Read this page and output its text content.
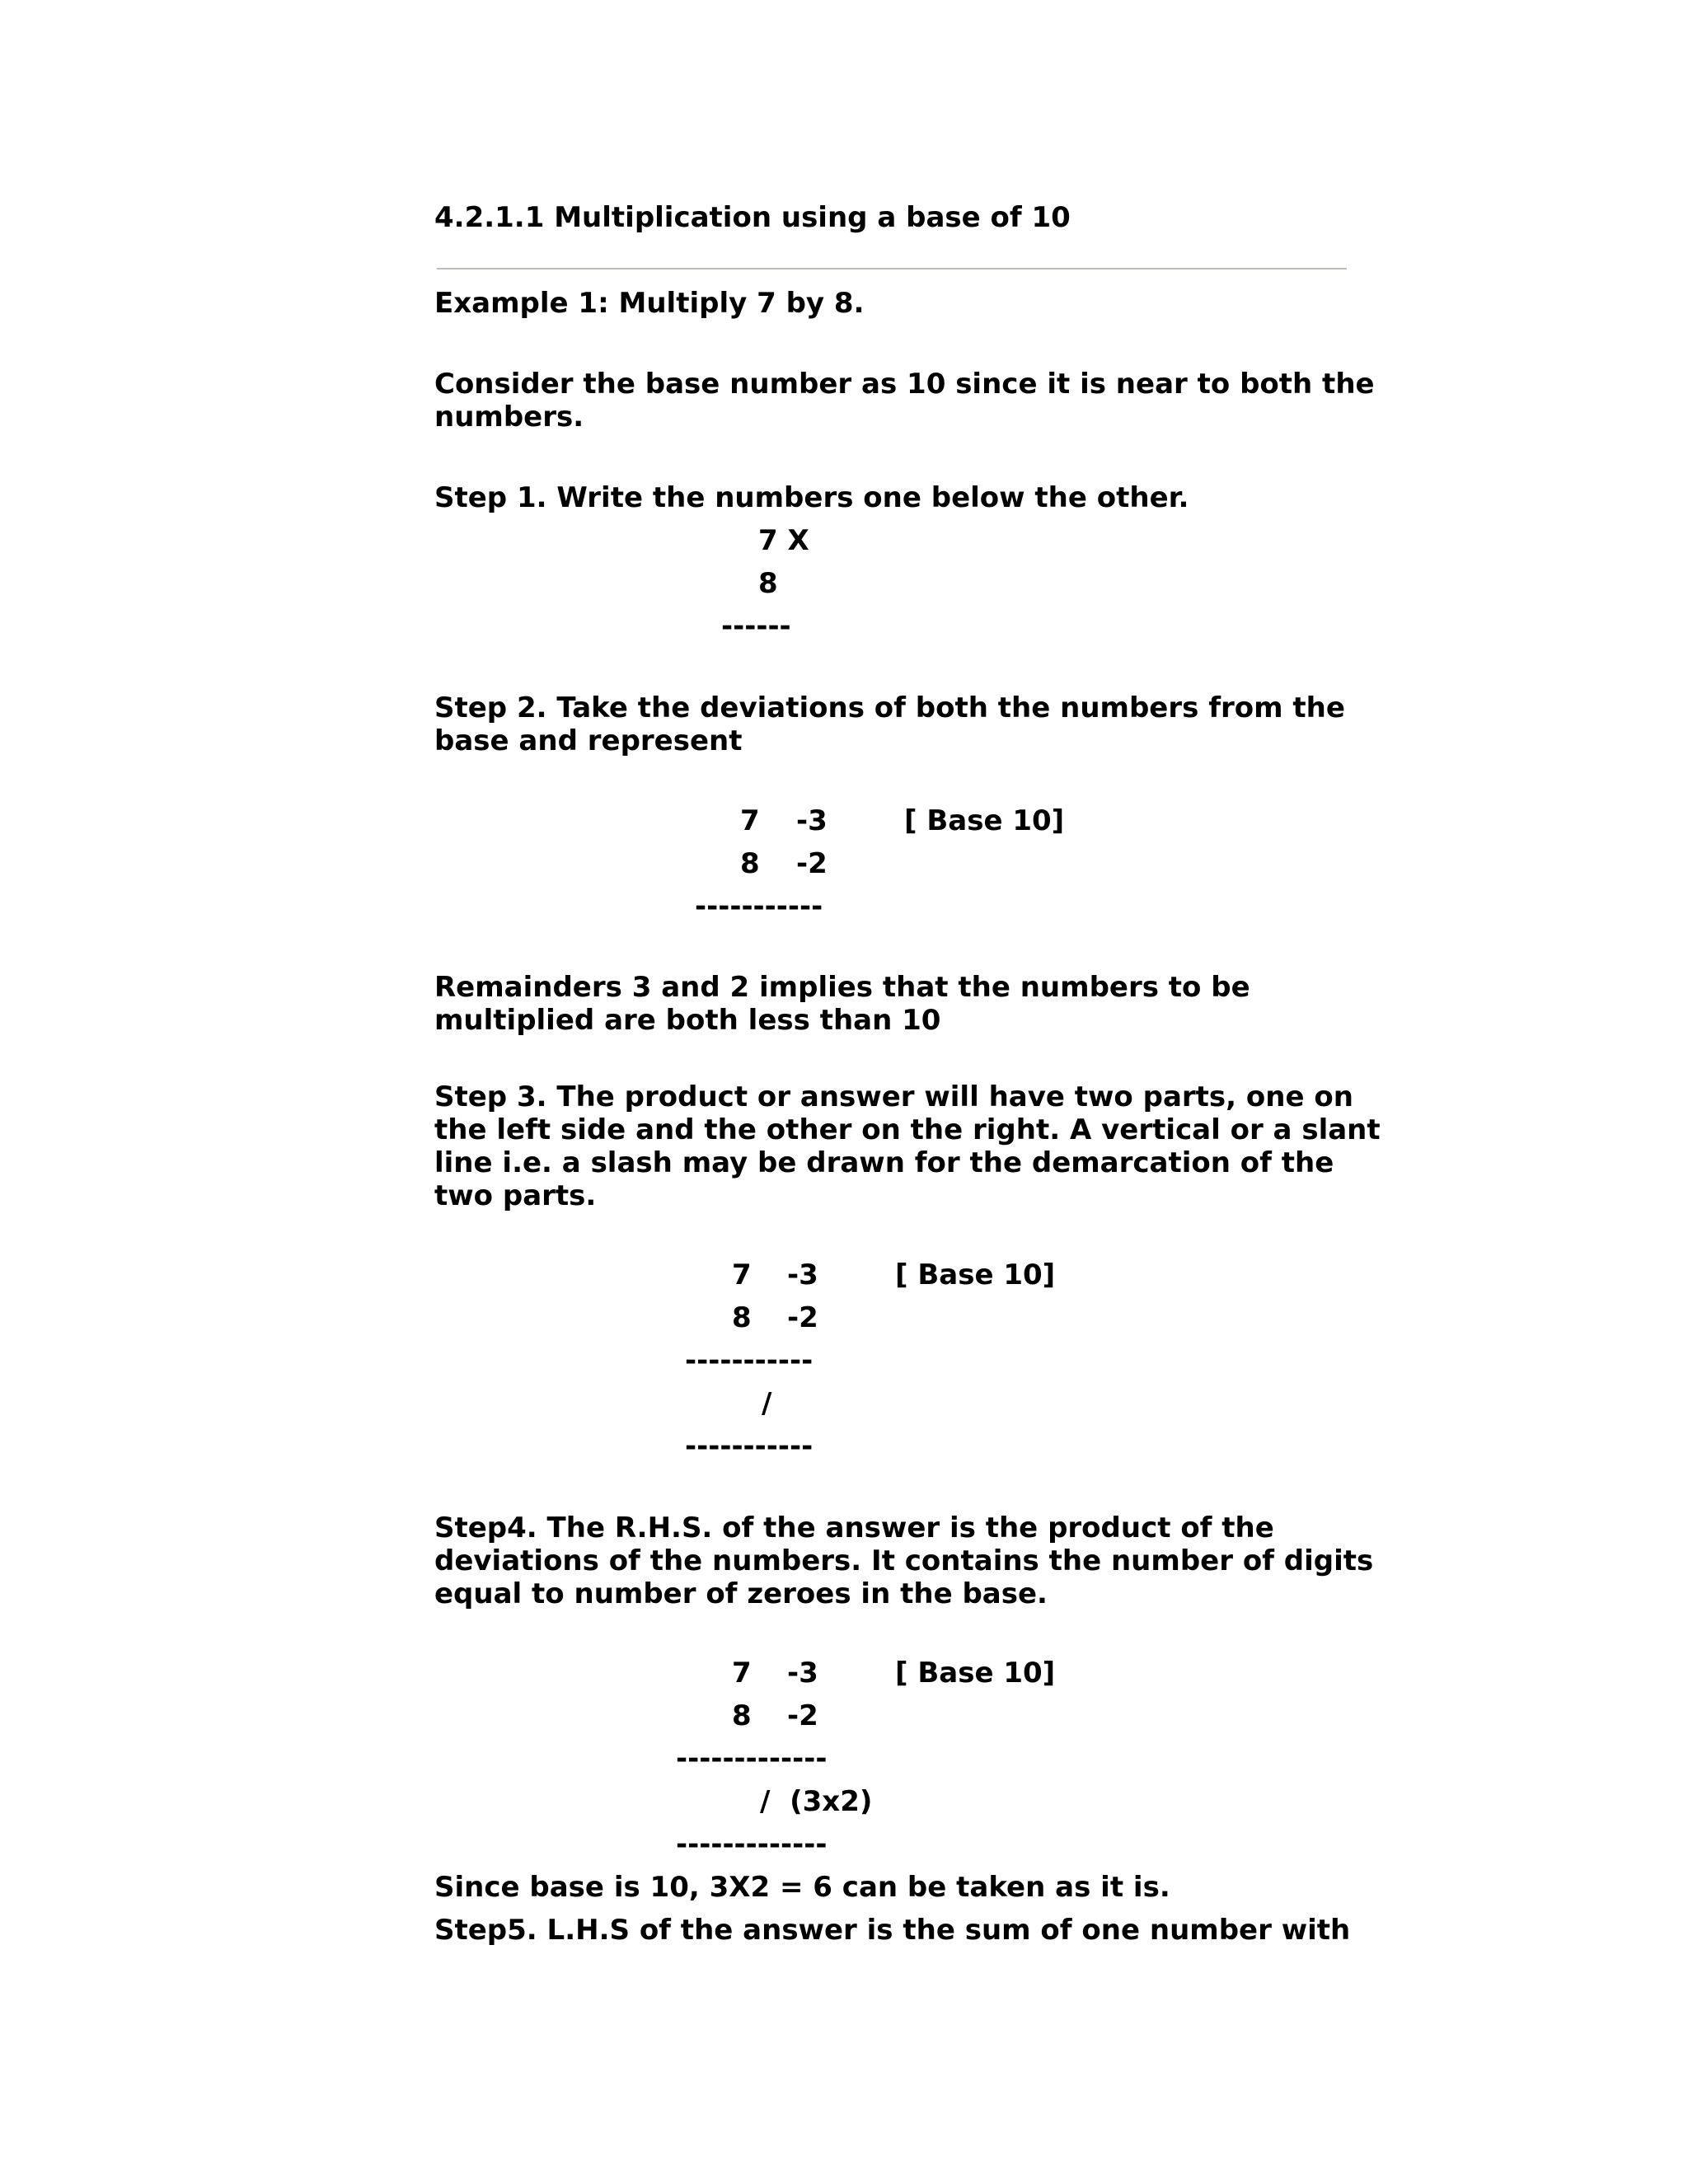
4.2.1.1 Multiplication using a base of 10

Example 1: Multiply 7 by 8.

Consider the base number as 10 since it is near to both the
numbers.

Step 1. Write the numbers one below the other.

7 X

8

------

Step 2. Take the deviations of both the numbers from the
base and represent

7 -3	[ Base 10]

8 -2

-----------

Remainders 3 and 2 implies that the numbers to be
multiplied are both less than 10
Step 3. The product or answer will have two parts, one on
the left side and the other on the right. A vertical or a slant
line i.e. a slash may be drawn for the demarcation of the
two parts.

7 -3	[ Base 10]

8 -2

-----------

/

-----------

Step4. The R.H.S. of the answer is the product of the
deviations of the numbers. It contains the number of digits
equal to number of zeroes in the base.

7 -3	[ Base 10]

8 -2

-------------

/  (3x2)

-------------

Since base is 10, 3X2 = 6 can be taken as it is.

Step5. L.H.S of the answer is the sum of one number with
